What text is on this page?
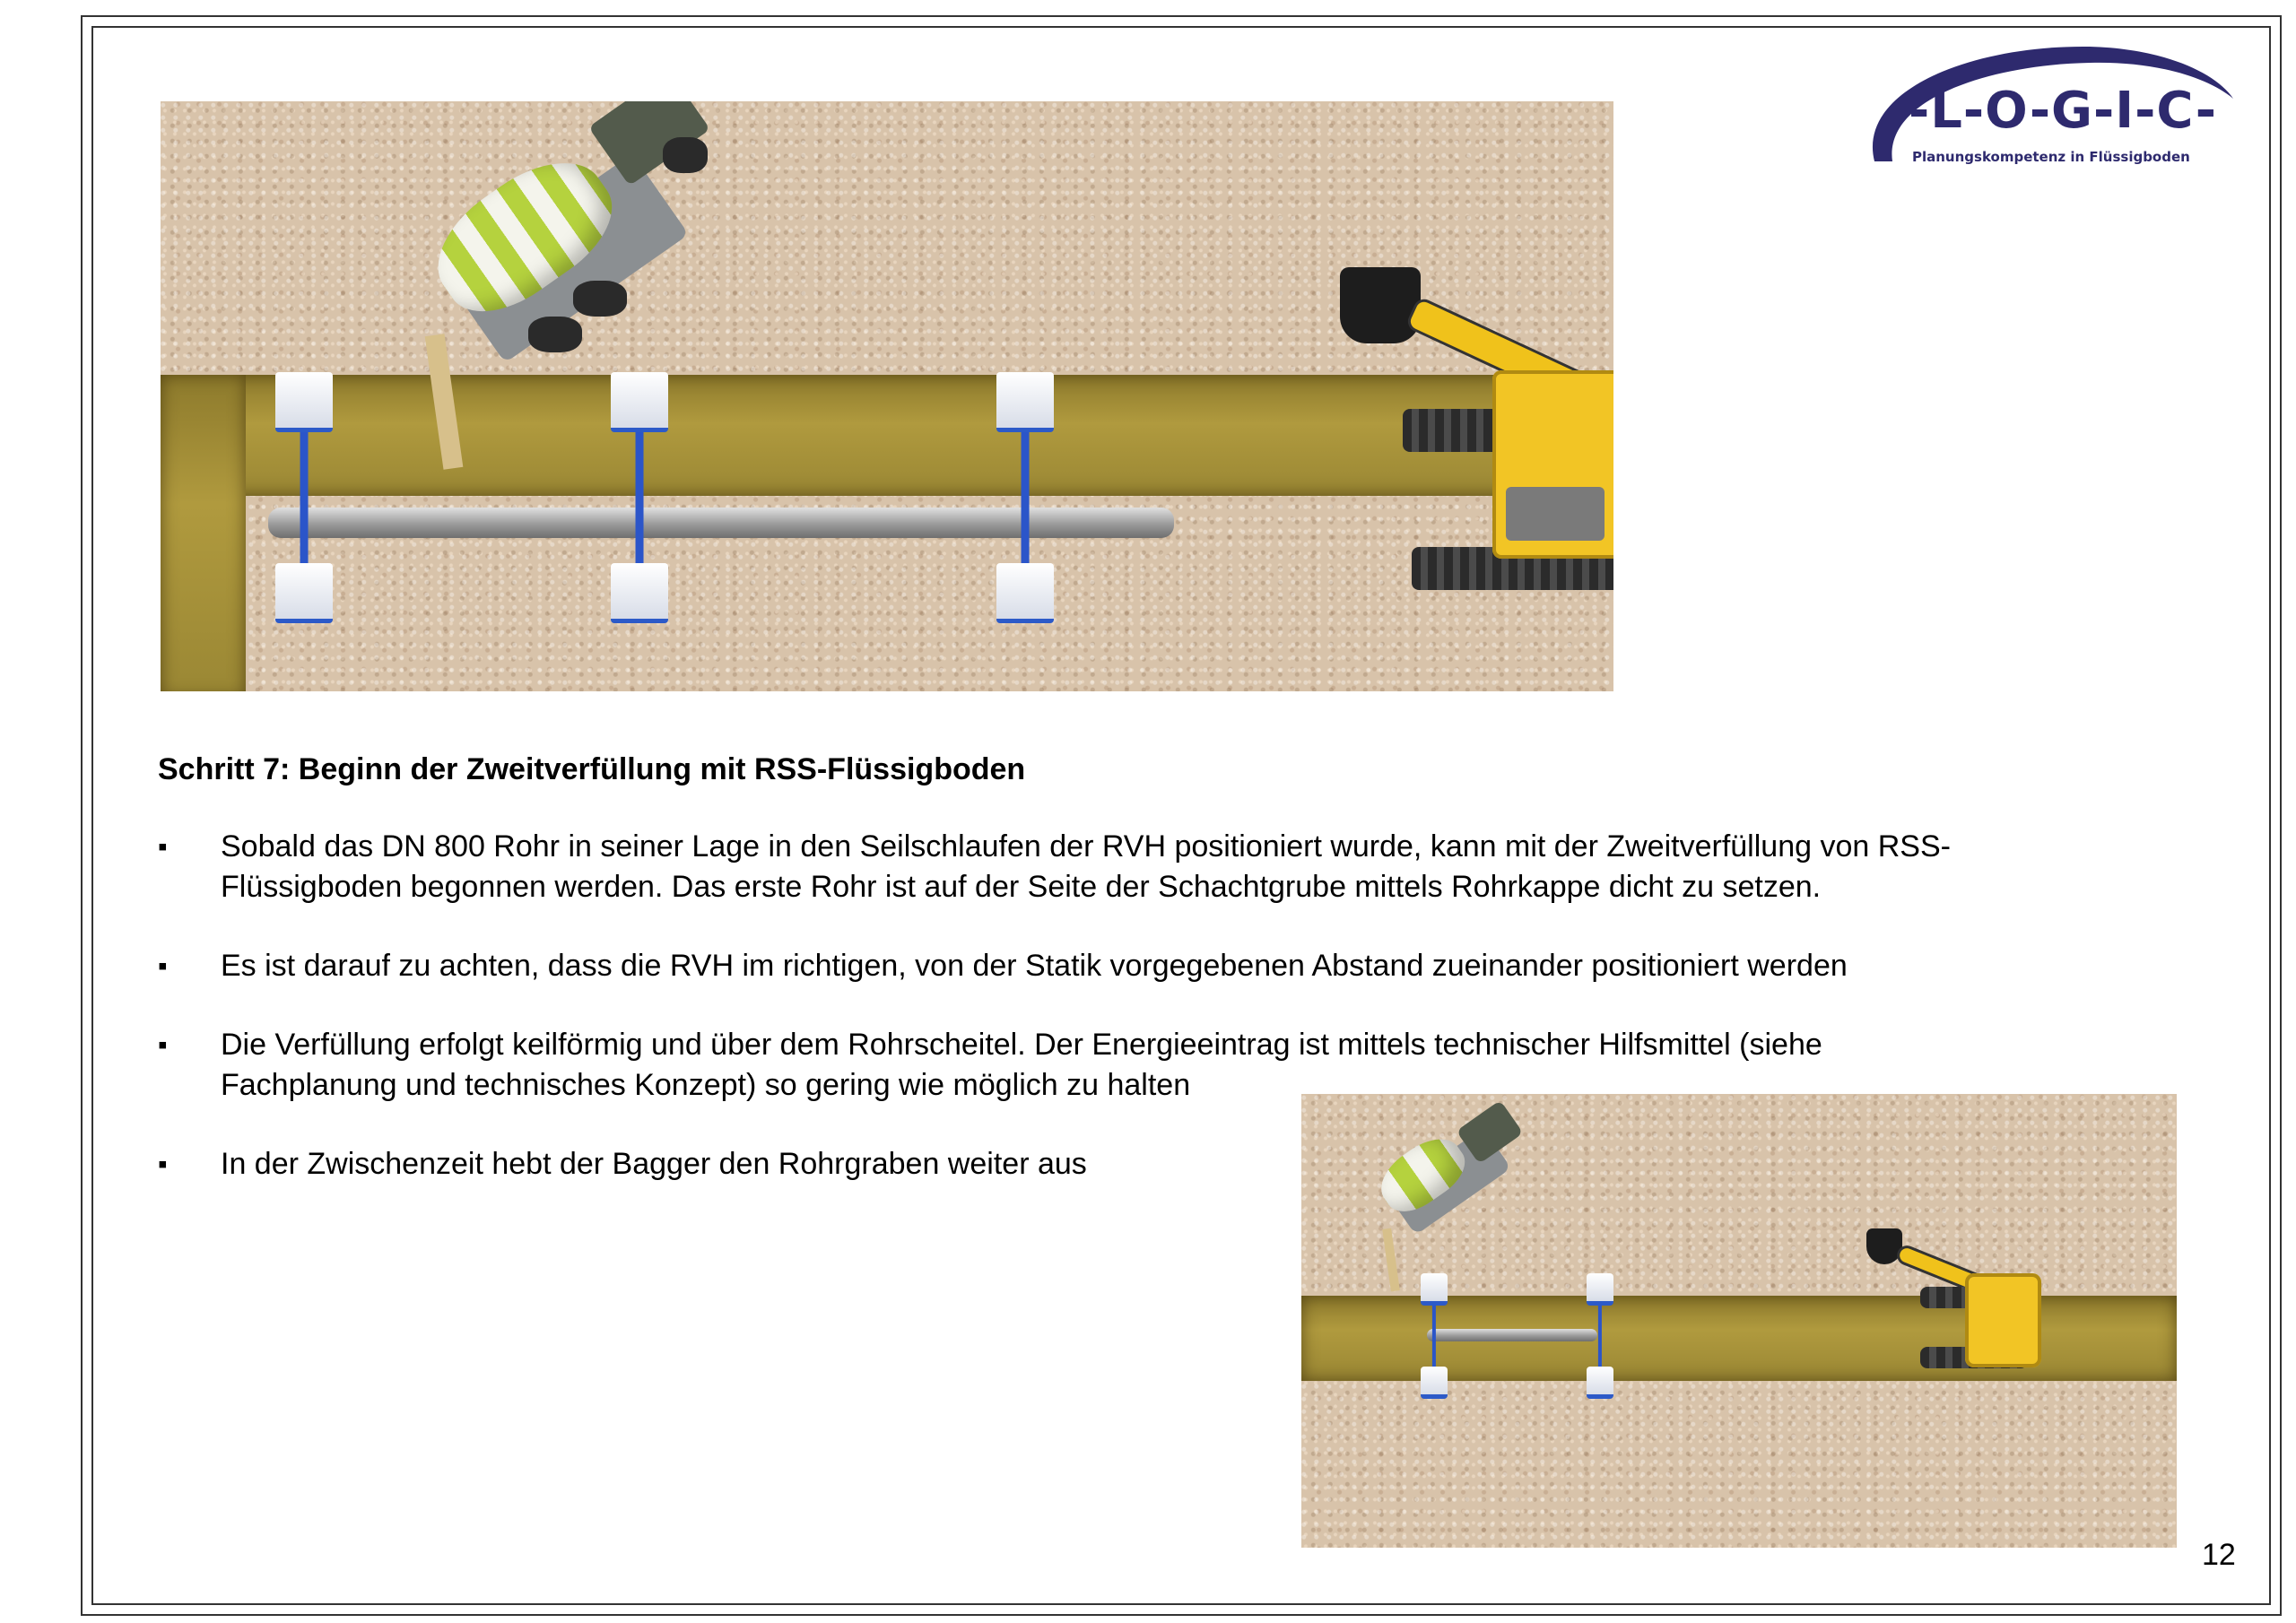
-L-O-G-I-C-
Planungskompetenz in Flüssigboden
Schritt 7: Beginn der Zweitverfüllung mit RSS-Flüssigboden
▪	Sobald das DN 800 Rohr in seiner Lage in den Seilschlaufen der RVH positioniert wurde, kann mit der Zweitverfüllung von RSS-
Flüssigboden begonnen werden. Das erste Rohr ist auf der Seite der Schachtgrube mittels Rohrkappe dicht zu setzen.
▪	Es ist darauf zu achten, dass die RVH im richtigen, von der Statik vorgegebenen Abstand zueinander positioniert werden
▪	Die Verfüllung erfolgt keilförmig und über dem Rohrscheitel. Der Energieeintrag ist mittels technischer Hilfsmittel (siehe
Fachplanung und technisches Konzept) so gering wie möglich zu halten
▪	In der Zwischenzeit hebt der Bagger den Rohrgraben weiter aus
12
